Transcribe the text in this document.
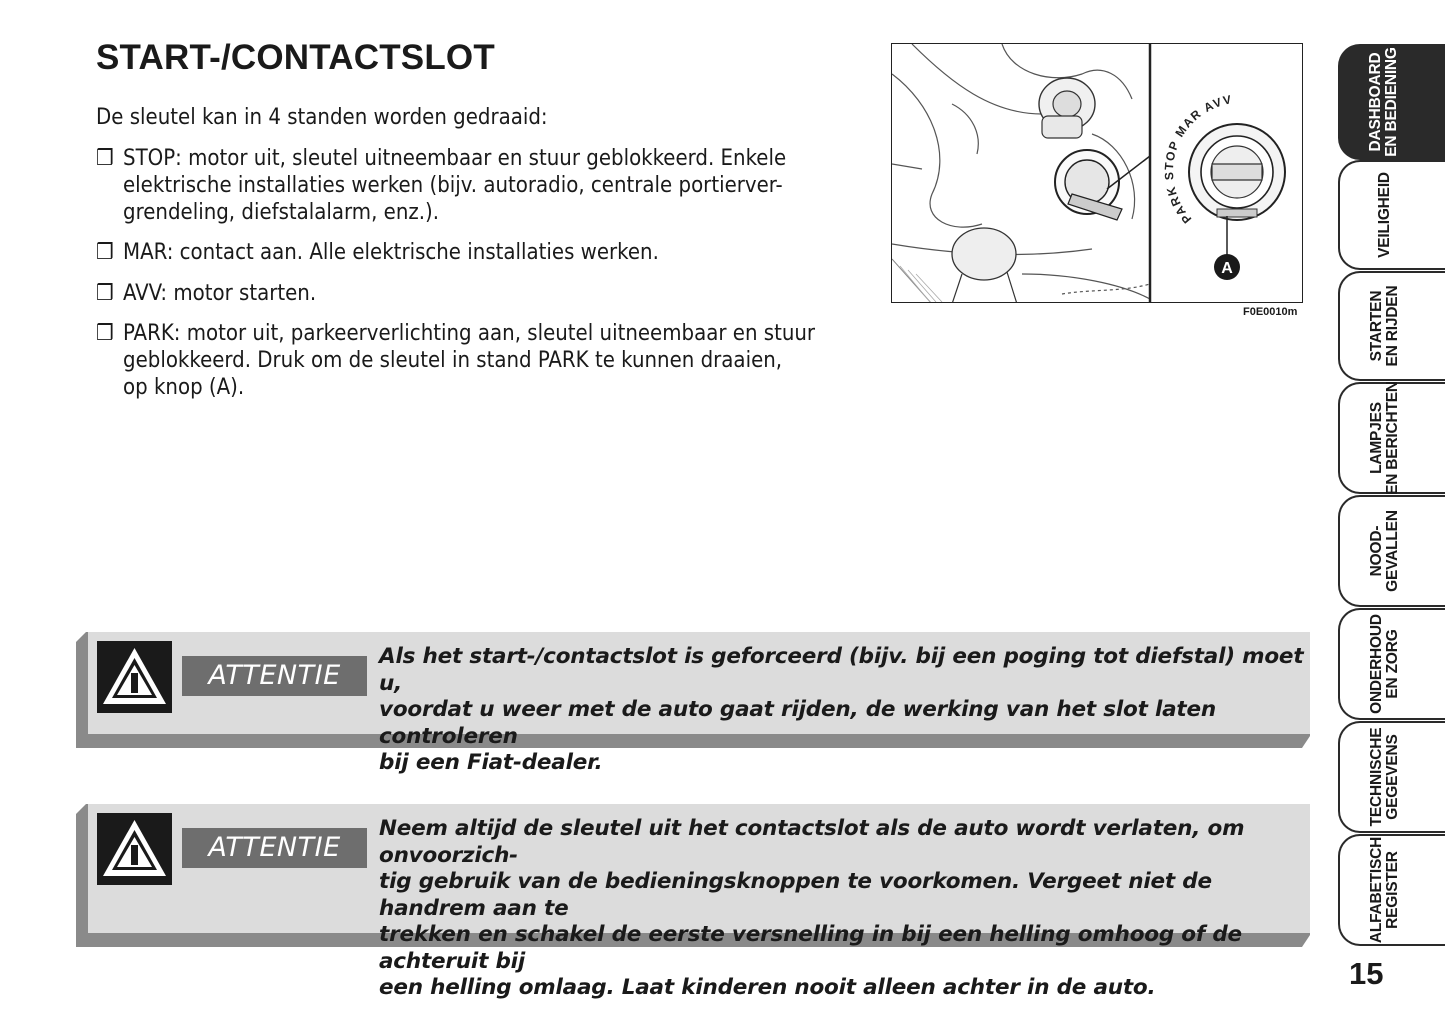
START-/CONTACTSLOT
De sleutel kan in 4 standen worden gedraaid:
❒ STOP: motor uit, sleutel uitneembaar en stuur geblokkeerd. Enkele
elektrische installaties werken (bijv. autoradio, centrale portierver-
grendeling, diefstalalarm, enz.).
❒ MAR: contact aan. Alle elektrische installaties werken.
❒ AVV: motor starten.
❒ PARK: motor uit, parkeerverlichting aan, sleutel uitneembaar en stuur
geblokkeerd. Druk om de sleutel in stand PARK te kunnen draaien,
op knop (A).
PARK STOP MAR AVV
A
F0E0010m
ATTENTIE
Als het start-/contactslot is geforceerd (bijv. bij een poging tot diefstal) moet u,
voordat u weer met de auto gaat rijden, de werking van het slot laten controleren
bij een Fiat-dealer.
ATTENTIE
Neem altijd de sleutel uit het contactslot als de auto wordt verlaten, om onvoorzich-
tig gebruik van de bedieningsknoppen te voorkomen. Vergeet niet de handrem aan te
trekken en schakel de eerste versnelling in bij een helling omhoog of de achteruit bij
een helling omlaag. Laat kinderen nooit alleen achter in de auto.
DASHBOARD
EN BEDIENING
VEILIGHEID
STARTEN
EN RIJDEN
LAMPJES
EN BERICHTEN
NOOD-
GEVALLEN
ONDERHOUD
EN ZORG
TECHNISCHE
GEGEVENS
ALFABETISCH
REGISTER
15
